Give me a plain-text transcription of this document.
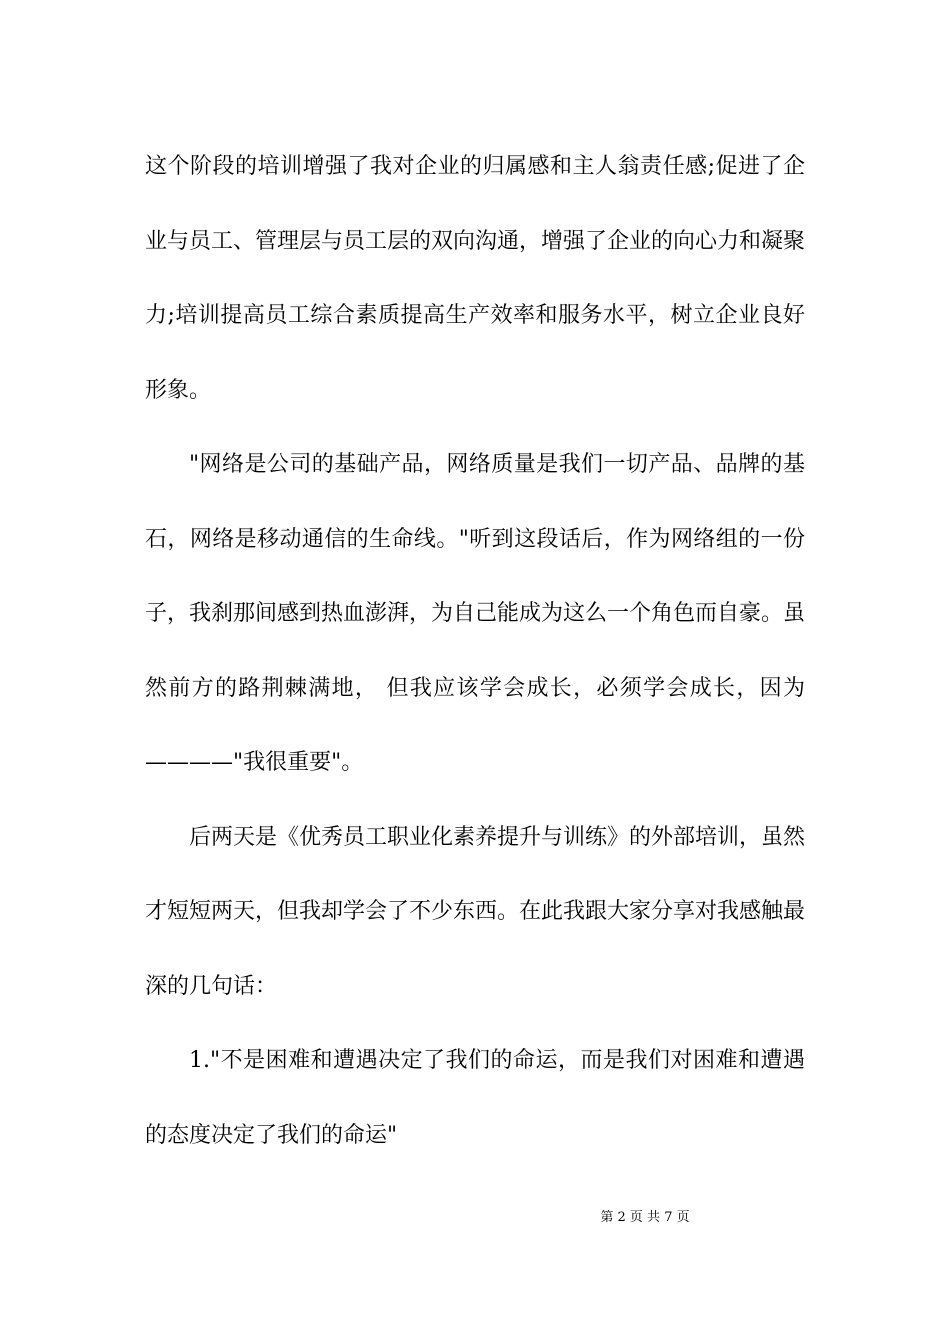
这个阶段的培训增强了我对企业的归属感和主人翁责任感;促进了企业与员工、管理层与员工层的双向沟通，增强了企业的向心力和凝聚力;培训提高员工综合素质提高生产效率和服务水平，树立企业良好形象。

"网络是公司的基础产品，网络质量是我们一切产品、品牌的基石，网络是移动通信的生命线。"听到这段话后，作为网络组的一份子，我刹那间感到热血澎湃，为自己能成为这么一个角色而自豪。虽然前方的路荆棘满地， 但我应该学会成长，必须学会成长，因为————"我很重要"。

后两天是《优秀员工职业化素养提升与训练》的外部培训，虽然才短短两天，但我却学会了不少东西。在此我跟大家分享对我感触最深的几句话：

1."不是困难和遭遇决定了我们的命运，而是我们对困难和遭遇的态度决定了我们的命运"

第 2 页 共 7 页
